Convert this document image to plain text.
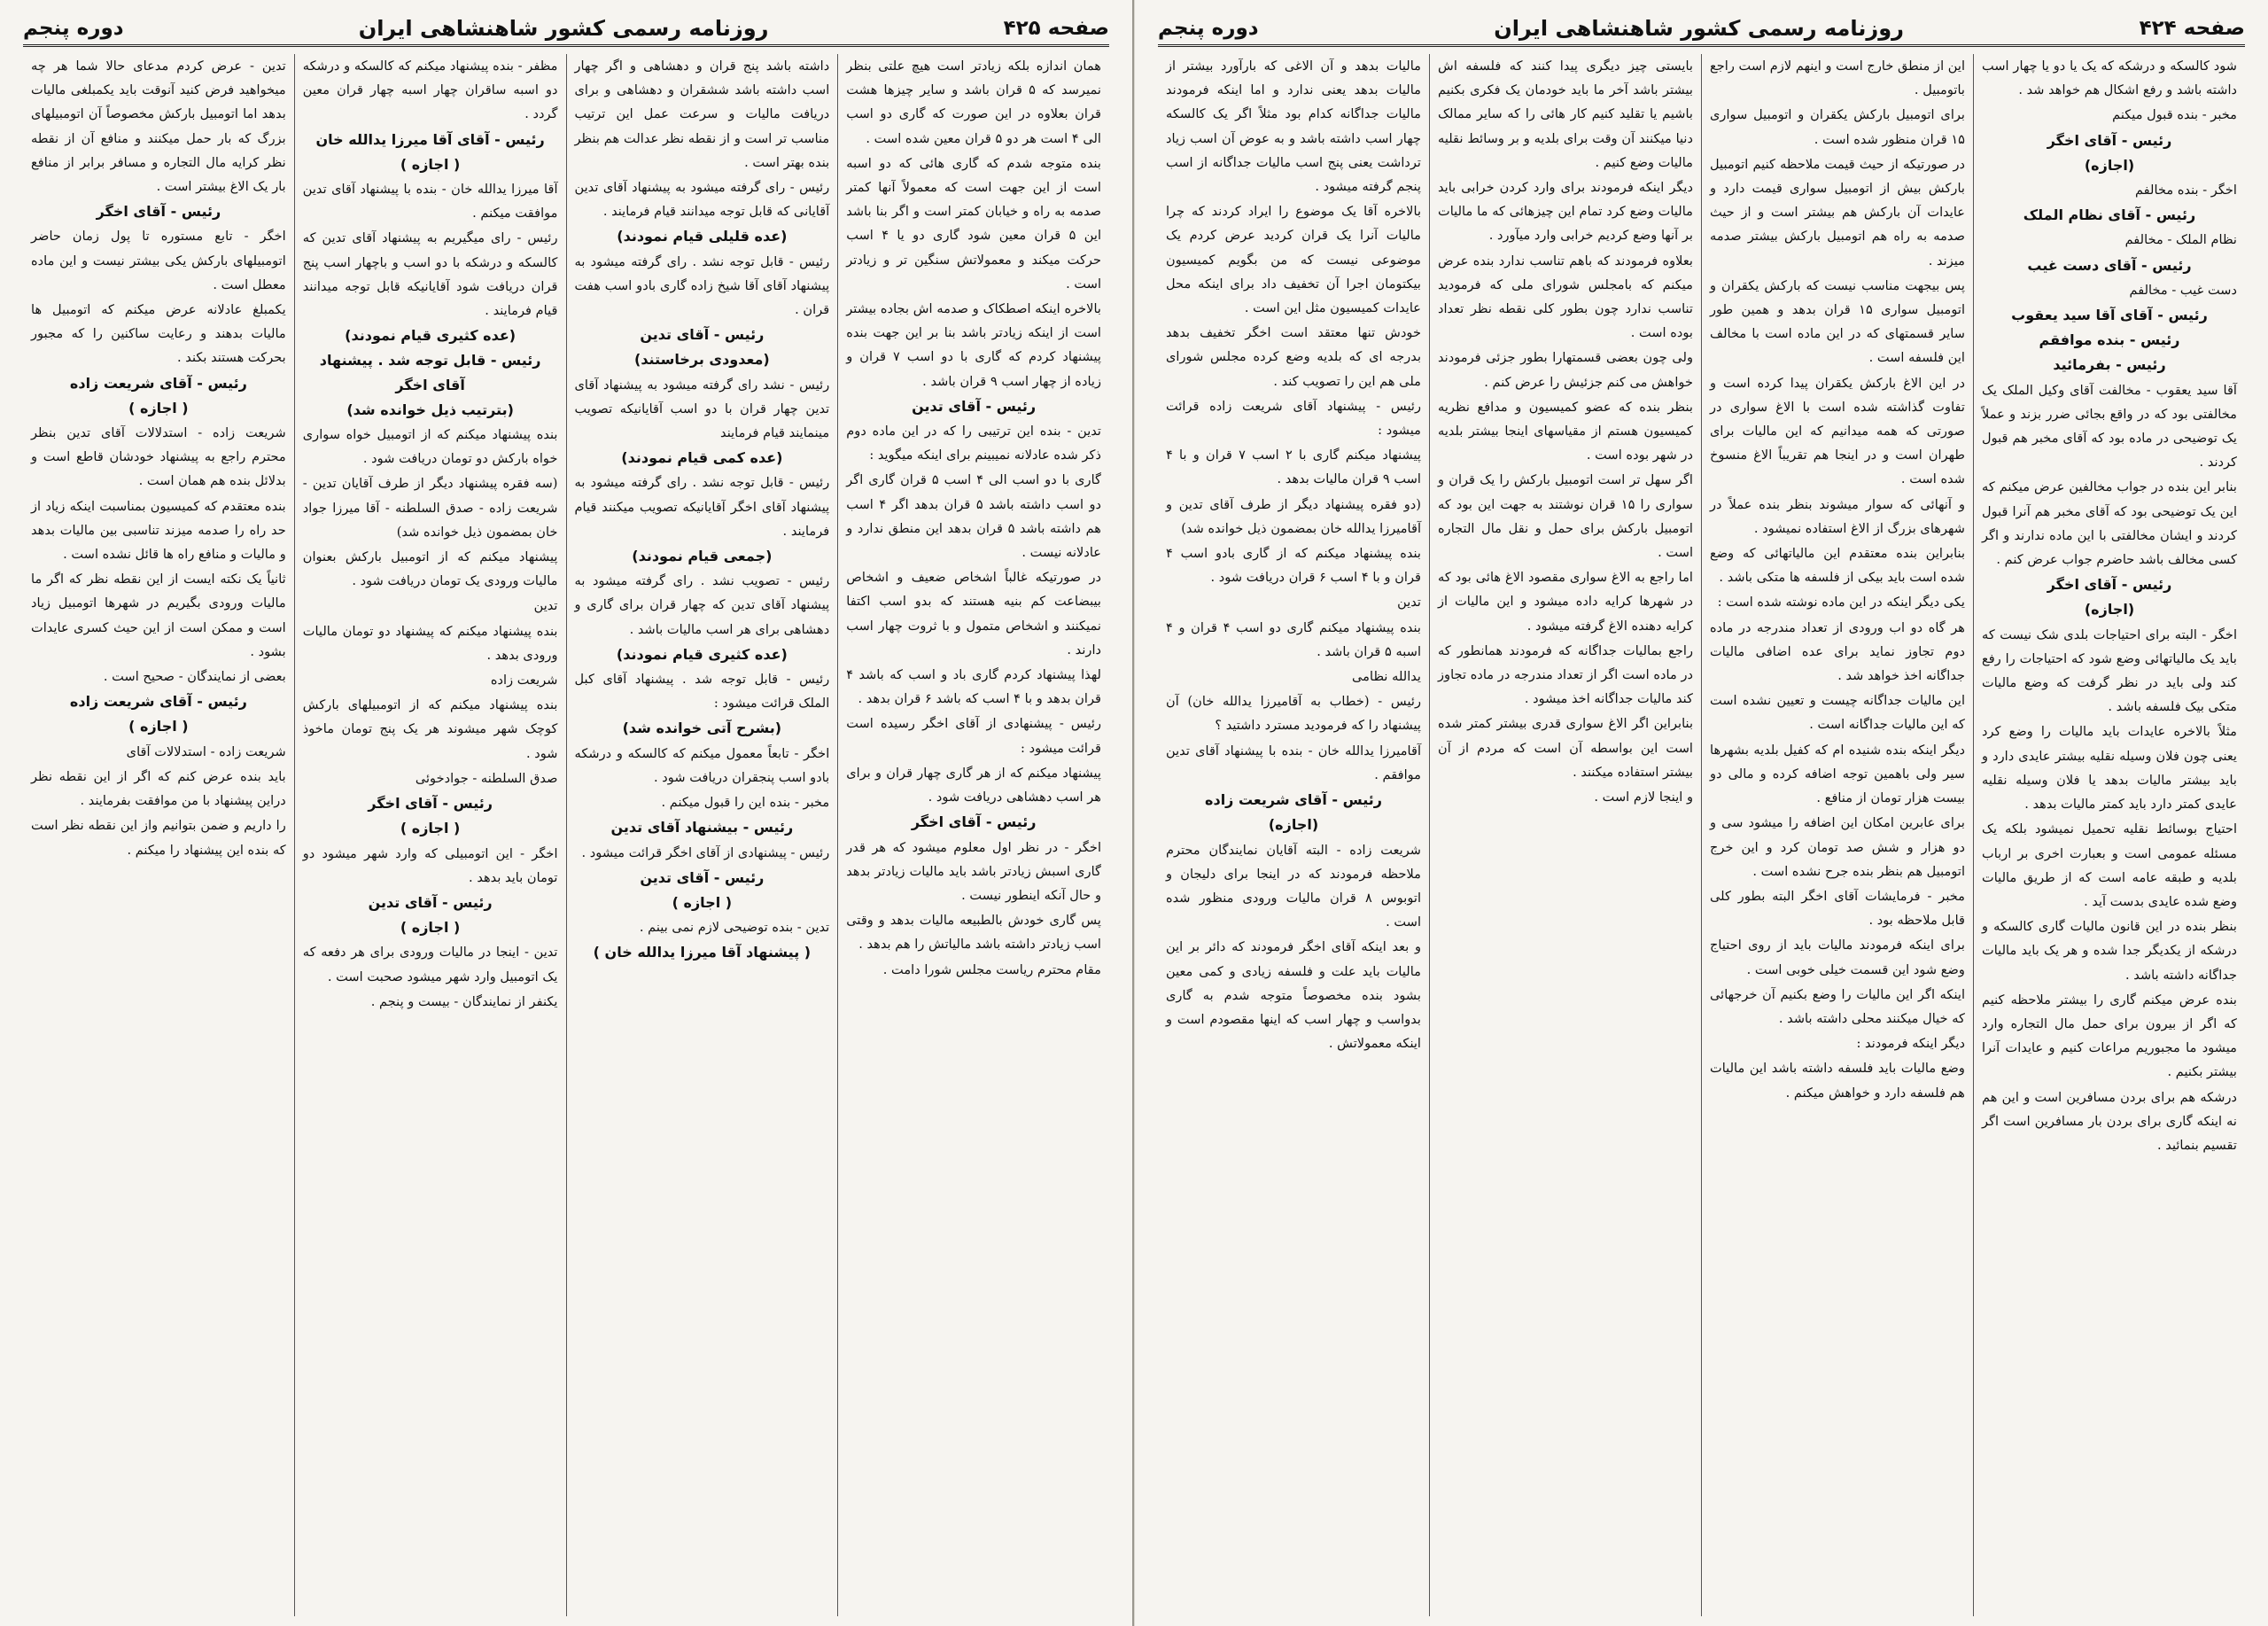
صفحه ۴۲۵
روزنامه رسمی کشور شاهنشاهی ایران
دوره پنجم

همان اندازه بلکه زیادتر است هیچ علتی بنظر نمیرسد که ۵ قران باشد و سایر چیزها هشت قران بعلاوه در این صورت که گاری دو اسب الی ۴ است هر دو ۵ قران معین شده است .

بنده متوجه شدم که گاری هائی که دو اسبه است از این جهت است که معمولاً آنها کمتر صدمه به راه و خیابان کمتر است و اگر بنا باشد این ۵ قران معین شود گاری دو یا ۴ اسب حرکت میکند و معمولاتش سنگین تر و زیادتر است .

بالاخره اینکه اصطکاک و صدمه اش بجاده بیشتر است از اینکه زیادتر باشد بنا بر این جهت بنده پیشنهاد کردم که گاری با دو اسب ۷ قران و زیاده از چهار اسب ۹ قران باشد .

رئیس - آقای تدین

تدین - بنده این ترتیبی را که در این ماده دوم ذکر شده عادلانه نمیبینم برای اینکه میگوید :

گاری با دو اسب الی ۴ اسب ۵ قران گاری اگر دو اسب داشته باشد ۵ قران بدهد اگر ۴ اسب هم داشته باشد ۵ قران بدهد این منطق ندارد و عادلانه نیست .

در صورتیکه غالباً اشخاص ضعیف و اشخاص بیبضاعت کم بنیه هستند که بدو اسب اکتفا نمیکنند و اشخاص متمول و با ثروت چهار اسب دارند .

لهذا پیشنهاد کردم گاری باد و اسب که باشد ۴ قران بدهد و با ۴ اسب که باشد ۶ قران بدهد .

رئیس - پیشنهادی از آقای اخگر رسیده است قرائت میشود :

پیشنهاد میکنم که از هر گاری چهار قران و برای هر اسب دهشاهی دریافت شود .

رئیس - آقای اخگر

اخگر - در نظر اول معلوم میشود که هر قدر گاری اسبش زیادتر باشد باید مالیات زیادتر بدهد و حال آنکه اینطور نیست .

پس گاری خودش بالطبیعه مالیات بدهد و وقتی اسب زیادتر داشته باشد مالیاتش را هم بدهد .

مقام محترم ریاست مجلس شورا دامت .

داشته باشد پنج قران و دهشاهی و اگر چهار اسب داشته باشد ششقران و دهشاهی و برای دریافت مالیات و سرعت عمل این ترتیب مناسب تر است و از نقطه نظر عدالت هم بنظر بنده بهتر است .

رئیس - رای گرفته میشود به پیشنهاد آقای تدین آقایانی که قابل توجه میدانند قیام فرمایند .

(عده قلیلی قیام نمودند)

رئیس - قابل توجه نشد . رای گرفته میشود به پیشنهاد آقای آقا شیخ زاده گاری بادو اسب هفت قران .

رئیس - آقای تدین

(معدودی برخاستند)

رئیس - نشد رای گرفته میشود به پیشنهاد آقای تدین چهار قران با دو اسب آقایانیکه تصویب مینمایند قیام فرمایند

(عده کمی قیام نمودند)

رئیس - قابل توجه نشد . رای گرفته میشود به پیشنهاد آقای اخگر آقایانیکه تصویب میکنند قیام فرمایند .

(جمعی قیام نمودند)

رئیس - تصویب نشد . رای گرفته میشود به پیشنهاد آقای تدین که چهار قران برای گاری و دهشاهی برای هر اسب مالیات باشد .

(عده کثیری قیام نمودند)

رئیس - قابل توجه شد . پیشنهاد آقای کبل الملک قرائت میشود :

(بشرح آتی خوانده شد)

اخگر - تابعاً معمول میکنم که کالسکه و درشکه بادو اسب پنجقران دریافت شود .

مخبر - بنده این را قبول میکنم .

رئیس - بیشنهاد آقای تدین

رئیس - پیشنهادی از آقای اخگر قرائت میشود .

رئیس - آقای تدین

( اجازه )

تدین - بنده توضیحی لازم نمی بینم .

( پیشنهاد آقا میرزا یدالله خان )

مظفر - بنده پیشنهاد میکنم که کالسکه و درشکه دو اسبه ساقران چهار اسبه چهار قران معین گردد .

رئیس - آقای آقا میرزا یدالله خان

( اجازه )

آقا میرزا یدالله خان - بنده با پیشنهاد آقای تدین موافقت میکنم .

رئیس - رای میگیریم به پیشنهاد آقای تدین که کالسکه و درشکه با دو اسب و باچهار اسب پنج قران دریافت شود آقایانیکه قابل توجه میدانند قیام فرمایند .

(عده کثیری قیام نمودند)

رئیس - قابل توجه شد . پیشنهاد آقای اخگر

(بترتیب ذیل خوانده شد)

بنده پیشنهاد میکنم که از اتومبیل خواه سواری خواه بارکش دو تومان دریافت شود .

(سه فقره پیشنهاد دیگر از طرف آقایان تدین - شریعت زاده - صدق السلطنه - آقا میرزا جواد خان بمضمون ذیل خوانده شد)

پیشنهاد میکنم که از اتومبیل بارکش بعنوان مالیات ورودی یک تومان دریافت شود .

تدین

بنده پیشنهاد میکنم که پیشنهاد دو تومان مالیات ورودی بدهد .

شریعت زاده

بنده پیشنهاد میکنم که از اتومبیلهای بارکش کوچک شهر میشوند هر یک پنج تومان ماخوذ شود .

صدق السلطنه - جوادخوئی

رئیس - آقای اخگر

( اجازه )

اخگر - این اتومبیلی که وارد شهر میشود دو تومان باید بدهد .

رئیس - آقای تدین

( اجازه )

تدین - اینجا در مالیات ورودی برای هر دفعه که یک اتومبیل وارد شهر میشود صحبت است .

یکنفر از نمایندگان - بیست و پنجم .

تدین - عرض کردم مدعای حالا شما هر چه میخواهید فرض کنید آنوقت باید یکمبلغی مالیات بدهد اما اتومبیل بارکش مخصوصاً آن اتومبیلهای بزرگ که بار حمل میکنند و منافع آن از نقطه نظر کرایه مال التجاره و مسافر برابر از منافع بار یک الاغ بیشتر است .

رئیس - آقای اخگر

اخگر - تابع مستوره تا پول زمان حاضر اتومبیلهای بارکش یکی بیشتر نیست و این ماده معطل است .

یکمبلغ عادلانه عرض میکنم که اتومبیل ها مالیات بدهند و رعایت ساکنین را که مجبور بحرکت هستند بکند .

رئیس - آقای شریعت زاده

( اجازه )

شریعت زاده - استدلالات آقای تدین بنظر محترم راجع به پیشنهاد خودشان قاطع است و بدلائل بنده هم همان است .

بنده معتقدم که کمیسیون بمناسبت اینکه زیاد از حد راه را صدمه میزند تناسبی بین مالیات بدهد و مالیات و منافع راه ها قائل نشده است .

ثانیاً یک نکته ایست از این نقطه نظر که اگر ما مالیات ورودی بگیریم در شهرها اتومبیل زیاد است و ممکن است از این حیث کسری عایدات بشود .

بعضی از نمایندگان - صحیح است .

رئیس - آقای شریعت زاده

( اجازه )

شریعت زاده - استدلالات آقای

باید بنده عرض کنم که اگر از این نقطه نظر دراین پیشنهاد با من موافقت بفرمایند .

را داریم و ضمن بتوانیم واز این نقطه نظر است که بنده این پیشنهاد را میکنم .

صفحه ۴۲۴
روزنامه رسمی کشور شاهنشاهی ایران
دوره پنجم

شود کالسکه و درشکه که یک یا دو یا چهار اسب داشته باشد و رفع اشکال هم خواهد شد .

مخبر - بنده قبول میکنم

رئیس - آقای اخگر

(اجازه)

اخگر - بنده مخالفم

رئیس - آقای نظام الملک

نظام الملک - مخالفم

رئیس - آقای دست غیب

دست غیب - مخالفم

رئیس - آقای آقا سید یعقوب

رئیس - بنده موافقم

رئیس - بفرمائید

آقا سید یعقوب - مخالفت آقای وکیل الملک یک مخالفتی بود که در واقع بجائی ضرر بزند و عملاً یک توضیحی در ماده بود که آقای مخبر هم قبول کردند .

بنابر این بنده در جواب مخالفین عرض میکنم که این یک توضیحی بود که آقای مخبر هم آنرا قبول کردند و ایشان مخالفتی با این ماده ندارند و اگر کسی مخالف باشد حاضرم جواب عرض کنم .

رئیس - آقای اخگر

(اجازه)

اخگر - البته برای احتیاجات بلدی شک نیست که باید یک مالیاتهائی وضع شود که احتیاجات را رفع کند ولی باید در نظر گرفت که وضع مالیات متکی بیک فلسفه باشد .

مثلاً بالاخره عایدات باید مالیات را وضع کرد یعنی چون فلان وسیله نقلیه بیشتر عایدی دارد و باید بیشتر مالیات بدهد یا فلان وسیله نقلیه عایدی کمتر دارد باید کمتر مالیات بدهد .

احتیاج بوسائط نقلیه تحمیل نمیشود بلکه یک مسئله عمومی است و بعبارت اخری بر ارباب بلدیه و طبقه عامه است که از طریق مالیات وضع شده عایدی بدست آید .

بنظر بنده در این قانون مالیات گاری کالسکه و درشکه از یکدیگر جدا شده و هر یک باید مالیات جداگانه داشته باشد .

بنده عرض میکنم گاری را بیشتر ملاحظه کنیم که اگر از بیرون برای حمل مال التجاره وارد میشود ما مجبوریم مراعات کنیم و عایدات آنرا بیشتر بکنیم .

درشکه هم برای بردن مسافرین است و این هم نه اینکه گاری برای بردن بار مسافرین است اگر تقسیم بنمائید .

این از منطق خارج است و اینهم لازم است راجع باتومبیل .

برای اتومبیل بارکش یکقران و اتومبیل سواری ۱۵ قران منظور شده است .

در صورتیکه از حیث قیمت ملاحظه کنیم اتومبیل بارکش بیش از اتومبیل سواری قیمت دارد و عایدات آن بارکش هم بیشتر است و از حیث صدمه به راه هم اتومبیل بارکش بیشتر صدمه میزند .

پس بیجهت مناسب نیست که بارکش یکقران و اتومبیل سواری ۱۵ قران بدهد و همین طور سایر قسمتهای که در این ماده است با مخالف این فلسفه است .

در این الاغ بارکش یکقران پیدا کرده است و تفاوت گذاشته شده است با الاغ سواری در صورتی که همه میدانیم که این مالیات برای طهران است و در اینجا هم تقریباً الاغ منسوخ شده است .

و آنهائی که سوار میشوند بنظر بنده عملاً در شهرهای بزرگ از الاغ استفاده نمیشود .

بنابراین بنده معتقدم این مالیاتهائی که وضع شده است باید بیکی از فلسفه ها متکی باشد .

یکی دیگر اینکه در این ماده نوشته شده است :

هر گاه دو اب ورودی از تعداد مندرجه در ماده دوم تجاوز نماید برای عده اضافی مالیات جداگانه اخذ خواهد شد .

این مالیات جداگانه چیست و تعیین نشده است که این مالیات جداگانه است .

دیگر اینکه بنده شنیده ام که کفیل بلدیه بشهرها سیر ولی باهمین توجه اضافه کرده و مالی دو بیست هزار تومان از منافع .

برای عابرین امکان این اضافه را میشود سی و دو هزار و شش صد تومان کرد و این خرج اتومبیل هم بنظر بنده جرح نشده است .

مخبر - فرمایشات آقای اخگر البته بطور کلی قابل ملاحظه بود .

برای اینکه فرمودند مالیات باید از روی احتیاج وضع شود این قسمت خیلی خوبی است .

اینکه اگر این مالیات را وضع بکنیم آن خرجهائی که خیال میکنند محلی داشته باشد .

دیگر اینکه فرمودند :

وضع مالیات باید فلسفه داشته باشد این مالیات هم فلسفه دارد و خواهش میکنم .

بایستی چیز دیگری پیدا کنند که فلسفه اش بیشتر باشد آخر ما باید خودمان یک فکری بکنیم باشیم یا تقلید کنیم کار هائی را که سایر ممالک دنیا میکنند آن وقت برای بلدیه و بر وسائط نقلیه مالیات وضع کنیم .

دیگر اینکه فرمودند برای وارد کردن خرابی باید مالیات وضع کرد تمام این چیزهائی که ما مالیات بر آنها وضع کردیم خرابی وارد میآورد .

بعلاوه فرمودند که باهم تناسب ندارد بنده عرض میکنم که بامجلس شورای ملی که فرمودید تناسب ندارد چون بطور کلی نقطه نظر تعداد بوده است .

ولی چون بعضی قسمتهارا بطور جزئی فرمودند خواهش می کنم جزئیش را عرض کنم .

بنظر بنده که عضو کمیسیون و مدافع نظریه کمیسیون هستم از مقیاسهای اینجا بیشتر بلدیه در شهر بوده است .

اگر سهل تر است اتومبیل بارکش را یک قران و سواری را ۱۵ قران نوشتند به جهت این بود که اتومبیل بارکش برای حمل و نقل مال التجاره است .

اما راجع به الاغ سواری مقصود الاغ هائی بود که در شهرها کرایه داده میشود و این مالیات از کرایه دهنده الاغ گرفته میشود .

راجع بمالیات جداگانه که فرمودند همانطور که در ماده است اگر از تعداد مندرجه در ماده تجاوز کند مالیات جداگانه اخذ میشود .

بنابراین اگر الاغ سواری قدری بیشتر کمتر شده است این بواسطه آن است که مردم از آن بیشتر استفاده میکنند .

و اینجا لازم است .

مالیات بدهد و آن الاغی که بارآورد بیشتر از مالیات بدهد یعنی ندارد و اما اینکه فرمودند مالیات جداگانه کدام بود مثلاً اگر یک کالسکه چهار اسب داشته باشد و به عوض آن اسب زیاد ترداشت یعنی پنج اسب مالیات جداگانه از اسب پنجم گرفته میشود .

بالاخره آقا یک موضوع را ایراد کردند که چرا مالیات آنرا یک قران کردید عرض کردم یک موضوعی نیست که من بگویم کمیسیون بیکتومان اجرا آن تخفیف داد برای اینکه محل عایدات کمیسیون مثل این است .

خودش تنها معتقد است اخگر تخفیف بدهد بدرجه ای که بلدیه وضع کرده مجلس شورای ملی هم این را تصویب کند .

رئیس - پیشنهاد آقای شریعت زاده قرائت میشود :

پیشنهاد میکنم گاری با ۲ اسب ۷ قران و با ۴ اسب ۹ قران مالیات بدهد .

(دو فقره پیشنهاد دیگر از طرف آقای تدین و آقامیرزا یدالله خان بمضمون ذیل خوانده شد)

بنده پیشنهاد میکنم که از گاری بادو اسب ۴ قران و با ۴ اسب ۶ قران دریافت شود .

تدین

بنده پیشنهاد میکنم گاری دو اسب ۴ قران و ۴ اسبه ۵ قران باشد .

یدالله نظامی

رئیس - (خطاب به آقامیرزا یدالله خان) آن پیشنهاد را که فرمودید مسترد داشتید ؟

آقامیرزا یدالله خان - بنده با پیشنهاد آقای تدین موافقم .

رئیس - آقای شریعت زاده

(اجازه)

شریعت زاده - البته آقایان نمایندگان محترم ملاحظه فرمودند که در اینجا برای دلیجان و اتوبوس ۸ قران مالیات ورودی منظور شده است .

و بعد اینکه آقای اخگر فرمودند که دائر بر این مالیات باید علت و فلسفه زیادی و کمی معین بشود بنده مخصوصاً متوجه شدم به گاری بدواسب و چهار اسب که اینها مقصودم است و اینکه معمولاتش .
